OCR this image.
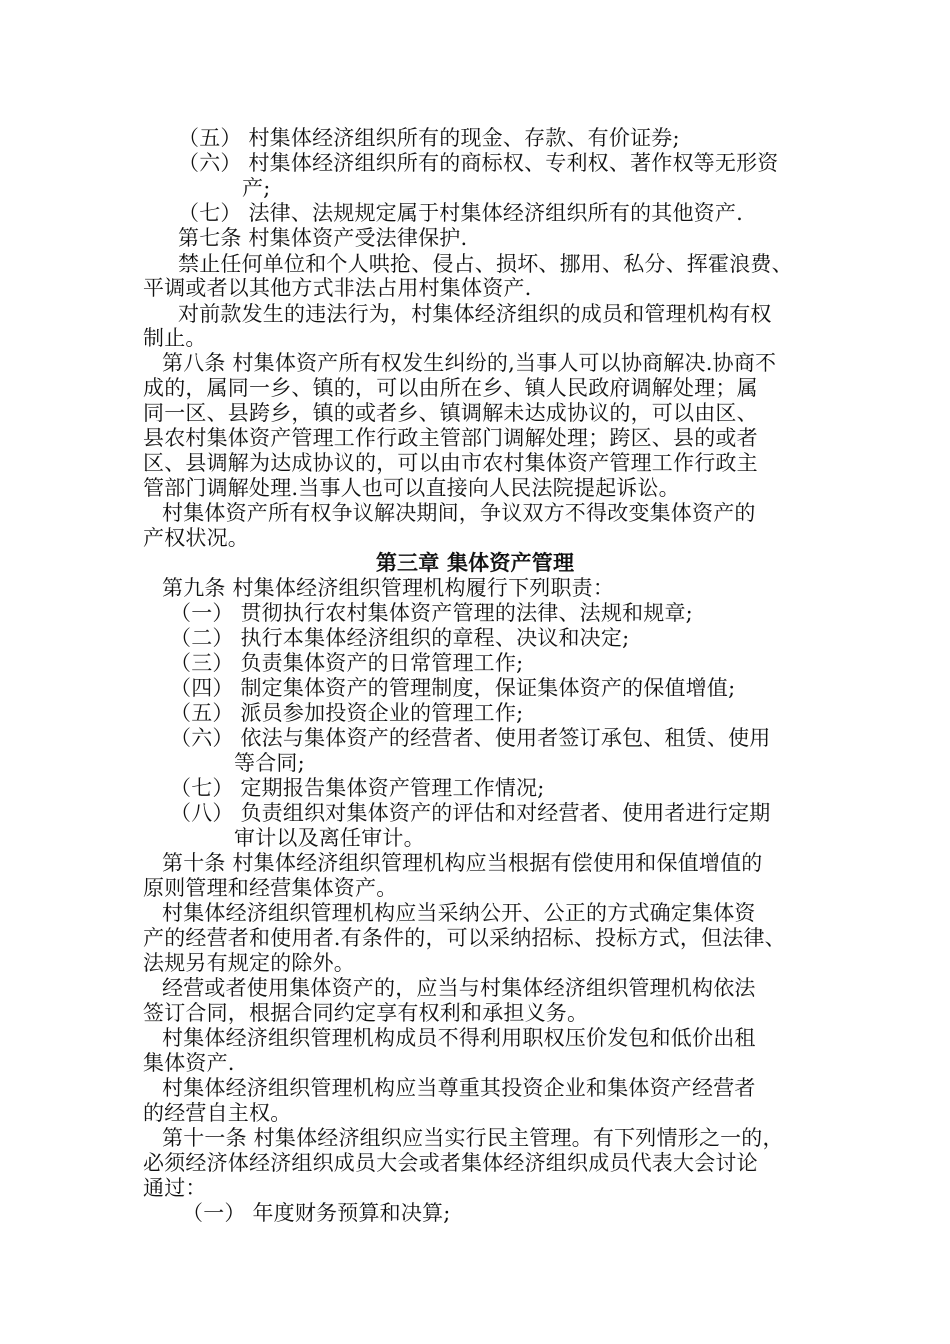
（五） 村集体经济组织所有的现金、存款、有价证券;
（六） 村集体经济组织所有的商标权、专利权、著作权等无形资
产;
（七） 法律、法规规定属于村集体经济组织所有的其他资产.
第七条 村集体资产受法律保护.
禁止任何单位和个人哄抢、侵占、损坏、挪用、私分、挥霍浪费、
平调或者以其他方式非法占用村集体资产.
对前款发生的违法行为，村集体经济组织的成员和管理机构有权
制止。
第八条 村集体资产所有权发生纠纷的,当事人可以协商解决.协商不
成的，属同一乡、镇的，可以由所在乡、镇人民政府调解处理；属
同一区、县跨乡，镇的或者乡、镇调解未达成协议的，可以由区、
县农村集体资产管理工作行政主管部门调解处理；跨区、县的或者
区、县调解为达成协议的，可以由市农村集体资产管理工作行政主
管部门调解处理.当事人也可以直接向人民法院提起诉讼。
村集体资产所有权争议解决期间，争议双方不得改变集体资产的
产权状况。
第三章 集体资产管理
第九条 村集体经济组织管理机构履行下列职责：
（一） 贯彻执行农村集体资产管理的法律、法规和规章;
（二） 执行本集体经济组织的章程、决议和决定;
（三） 负责集体资产的日常管理工作;
（四） 制定集体资产的管理制度，保证集体资产的保值增值;
（五） 派员参加投资企业的管理工作;
（六） 依法与集体资产的经营者、使用者签订承包、租赁、使用
等合同;
（七） 定期报告集体资产管理工作情况;
（八） 负责组织对集体资产的评估和对经营者、使用者进行定期
审计以及离任审计。
第十条 村集体经济组织管理机构应当根据有偿使用和保值增值的
原则管理和经营集体资产。
村集体经济组织管理机构应当采纳公开、公正的方式确定集体资
产的经营者和使用者.有条件的，可以采纳招标、投标方式，但法律、
法规另有规定的除外。
经营或者使用集体资产的，应当与村集体经济组织管理机构依法
签订合同，根据合同约定享有权利和承担义务。
村集体经济组织管理机构成员不得利用职权压价发包和低价出租
集体资产.
村集体经济组织管理机构应当尊重其投资企业和集体资产经营者
的经营自主权。
第十一条 村集体经济组织应当实行民主管理。有下列情形之一的，
必须经济体经济组织成员大会或者集体经济组织成员代表大会讨论
通过：
（一） 年度财务预算和决算;
